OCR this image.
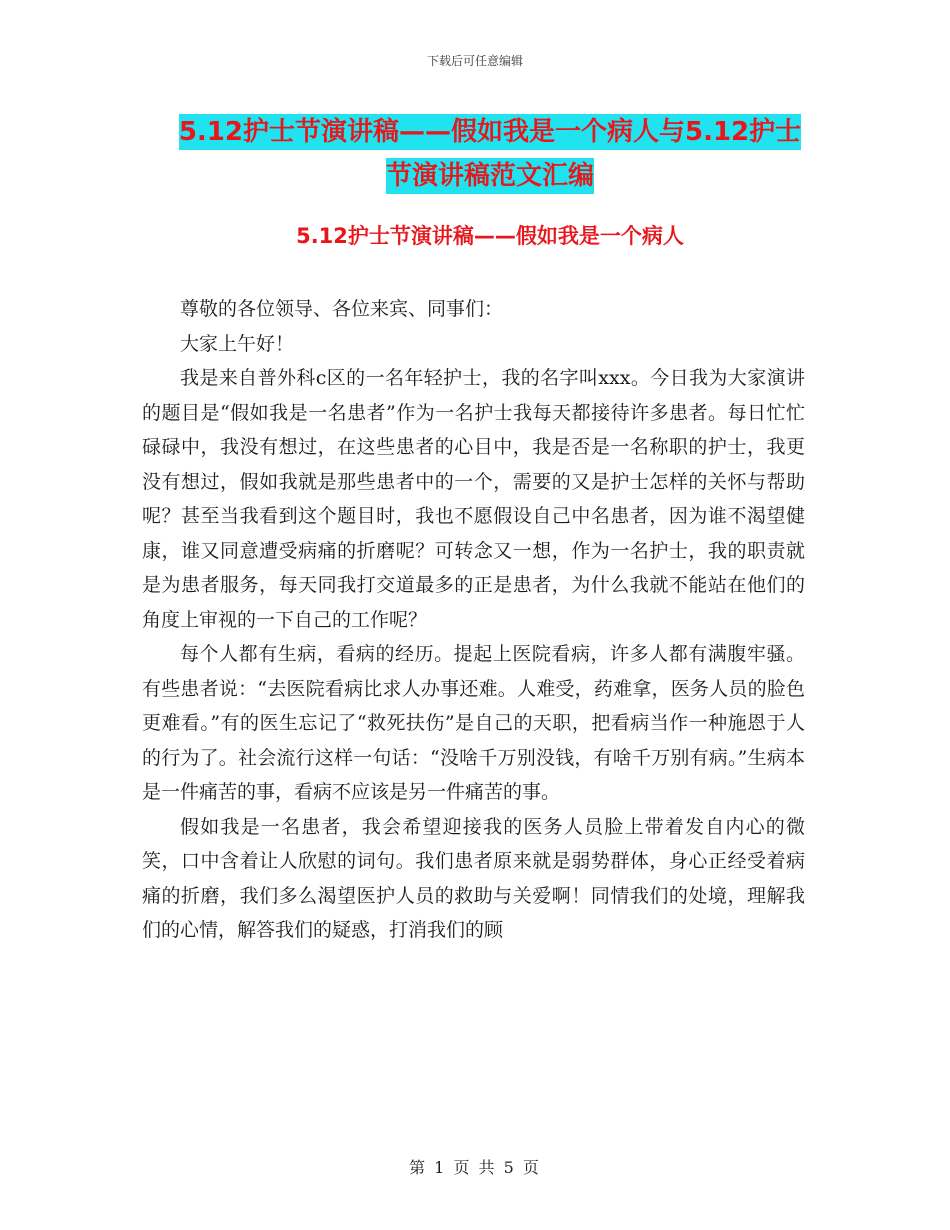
下载后可任意编辑
5.12护士节演讲稿——假如我是一个病人与5.12护士
节演讲稿范文汇编
5.12护士节演讲稿——假如我是一个病人

尊敬的各位领导、各位来宾、同事们：

大家上午好！

我是来自普外科c区的一名年轻护士，我的名字叫xxx。今日我为大家演讲的题目是“假如我是一名患者”作为一名护士我每天都接待许多患者。每日忙忙碌碌中，我没有想过，在这些患者的心目中，我是否是一名称职的护士，我更没有想过，假如我就是那些患者中的一个，需要的又是护士怎样的关怀与帮助呢？甚至当我看到这个题目时，我也不愿假设自己中名患者，因为谁不渴望健康，谁又同意遭受病痛的折磨呢？可转念又一想，作为一名护士，我的职责就是为患者服务，每天同我打交道最多的正是患者，为什么我就不能站在他们的角度上审视的一下自己的工作呢？

每个人都有生病，看病的经历。提起上医院看病，许多人都有满腹牢骚。有些患者说：“去医院看病比求人办事还难。人难受，药难拿，医务人员的脸色更难看。”有的医生忘记了“救死扶伤”是自己的天职，把看病当作一种施恩于人的行为了。社会流行这样一句话：“没啥千万别没钱，有啥千万别有病。”生病本是一件痛苦的事，看病不应该是另一件痛苦的事。

假如我是一名患者，我会希望迎接我的医务人员脸上带着发自内心的微笑，口中含着让人欣慰的词句。我们患者原来就是弱势群体，身心正经受着病痛的折磨，我们多么渴望医护人员的救助与关爱啊！同情我们的处境，理解我们的心情，解答我们的疑惑，打消我们的顾

第 1 页 共 5 页
